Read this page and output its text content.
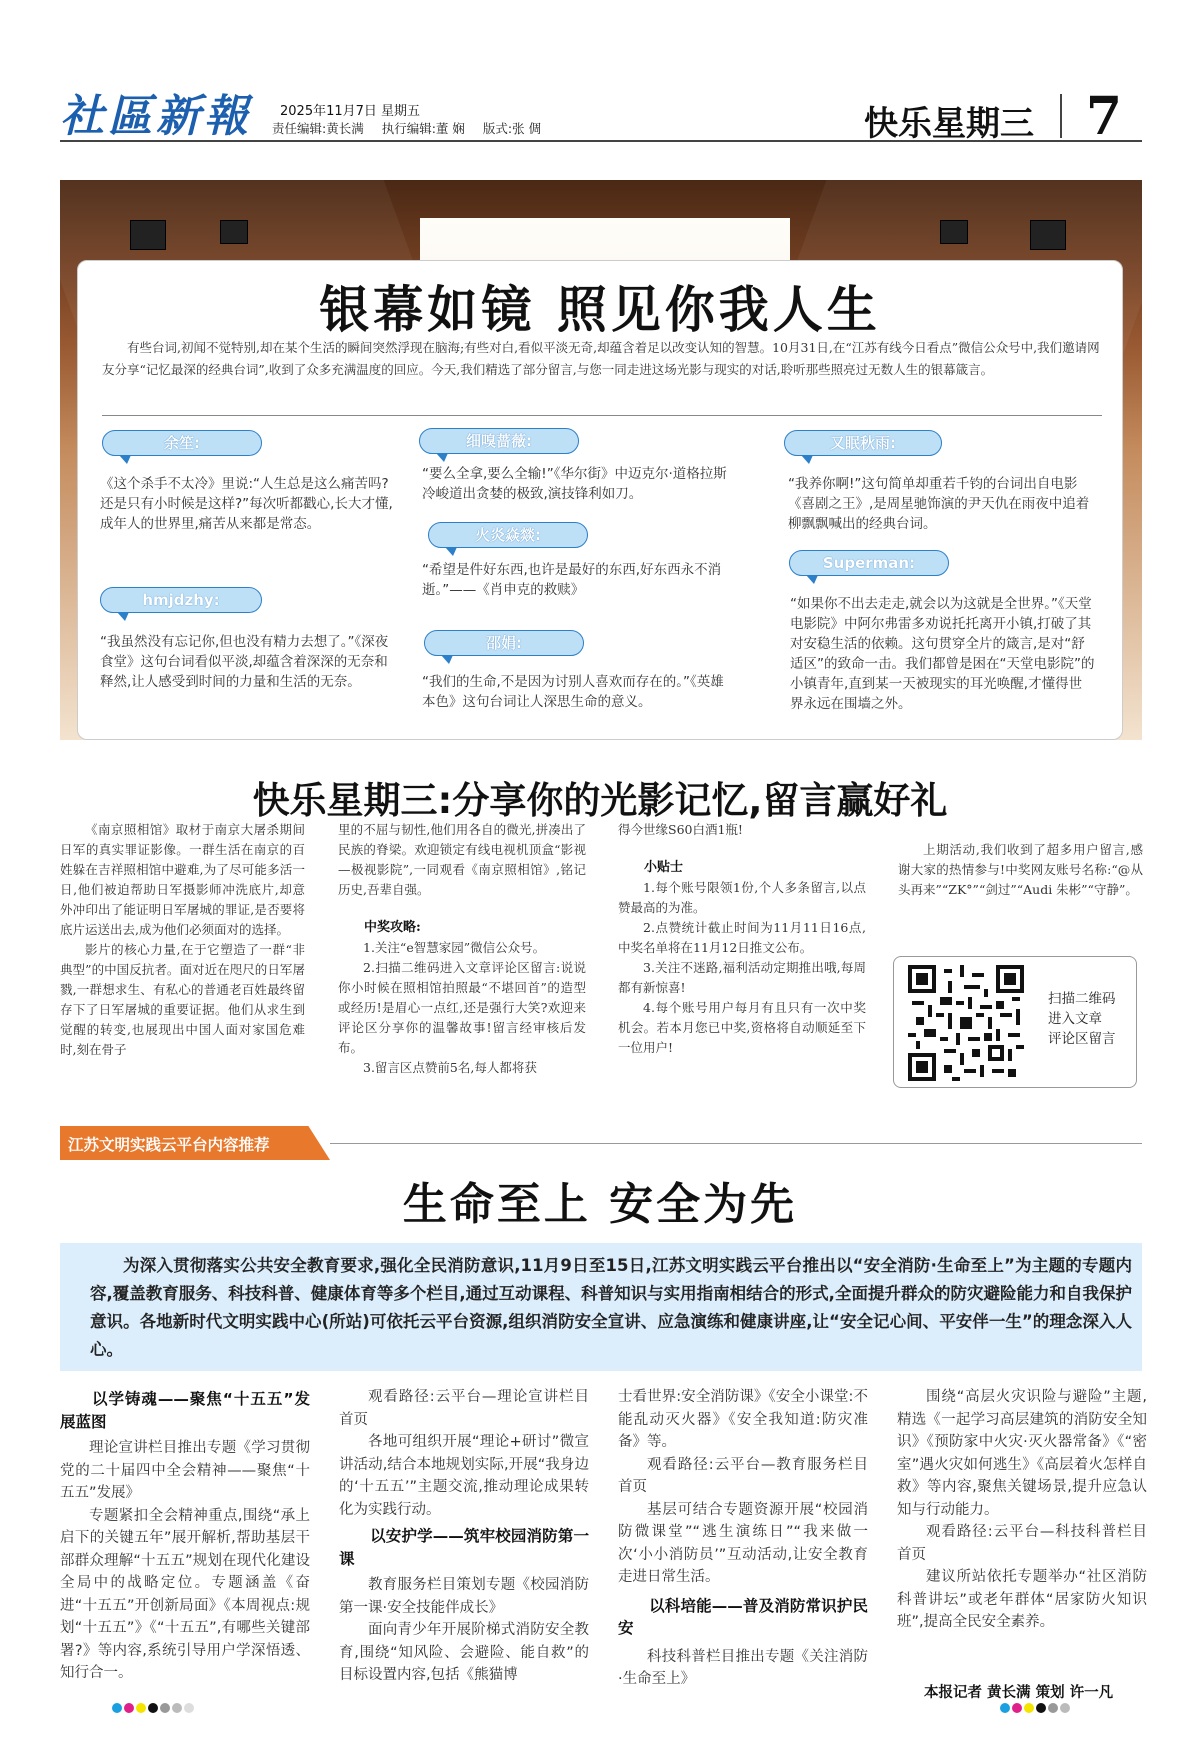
社區新報 2025年11月7日 星期五
责任编辑:黄长满 执行编辑:董 娴 版式:张 倜	快乐星期三 7
银幕如镜 照见你我人生
有些台词,初闻不觉特别,却在某个生活的瞬间突然浮现在脑海;有些对白,看似平淡无奇,却蕴含着足以改变认知的智慧。10月31日,在“江苏有线今日看点”微信公众号中,我们邀请网友分享“记忆最深的经典台词”,收到了众多充满温度的回应。今天,我们精选了部分留言,与您一同走进这场光影与现实的对话,聆听那些照亮过无数人生的银幕箴言。
余笙:
《这个杀手不太冷》里说:“人生总是这么痛苦吗?还是只有小时候是这样?”每次听都戳心,长大才懂,成年人的世界里,痛苦从来都是常态。
hmjdzhy:
“我虽然没有忘记你,但也没有精力去想了。”《深夜食堂》这句台词看似平淡,却蕴含着深深的无奈和释然,让人感受到时间的力量和生活的无奈。
细嗅蔷薇:
“要么全拿,要么全输!”《华尔街》中迈克尔·道格拉斯冷峻道出贪婪的极致,演技锋利如刀。
火炎焱燚:
“希望是件好东西,也许是最好的东西,好东西永不消逝。”——《肖申克的救赎》
邵娟:
“我们的生命,不是因为讨别人喜欢而存在的。”《英雄本色》这句台词让人深思生命的意义。
又眠秋雨:
“我养你啊!”这句简单却重若千钧的台词出自电影《喜剧之王》,是周星驰饰演的尹天仇在雨夜中追着柳飘飘喊出的经典台词。
Superman:
“如果你不出去走走,就会以为这就是全世界。”《天堂电影院》中阿尔弗雷多劝说托托离开小镇,打破了其对安稳生活的依赖。这句贯穿全片的箴言,是对“舒适区”的致命一击。我们都曾是困在“天堂电影院”的小镇青年,直到某一天被现实的耳光唤醒,才懂得世界永远在围墙之外。
快乐星期三:分享你的光影记忆,留言赢好礼

《南京照相馆》取材于南京大屠杀期间日军的真实罪证影像。一群生活在南京的百姓躲在吉祥照相馆中避难,为了尽可能多活一日,他们被迫帮助日军摄影师冲洗底片,却意外冲印出了能证明日军屠城的罪证,是否要将底片运送出去,成为他们必须面对的选择。

影片的核心力量,在于它塑造了一群“非典型”的中国反抗者。面对近在咫尺的日军屠戮,一群想求生、有私心的普通老百姓最终留存下了日军屠城的重要证据。他们从求生到觉醒的转变,也展现出中国人面对家国危难时,刻在骨子

里的不屈与韧性,他们用各自的微光,拼凑出了民族的脊梁。欢迎锁定有线电视机顶盒“影视—极视影院”,一同观看《南京照相馆》,铭记历史,吾辈自强。

中奖攻略:

1.关注“e智慧家园”微信公众号。

2.扫描二维码进入文章评论区留言:说说你小时候在照相馆拍照最“不堪回首”的造型或经历!是眉心一点红,还是强行大笑?欢迎来评论区分享你的温馨故事!留言经审核后发布。

3.留言区点赞前5名,每人都将获

得今世缘S60白酒1瓶!

小贴士

1.每个账号限领1份,个人多条留言,以点赞最高的为准。

2.点赞统计截止时间为11月11日16点,中奖名单将在11月12日推文公布。

3.关注不迷路,福利活动定期推出哦,每周都有新惊喜!

4.每个账号用户每月有且只有一次中奖机会。若本月您已中奖,资格将自动顺延至下一位用户!

上期活动,我们收到了超多用户留言,感谢大家的热情参与!中奖网友账号名称:“@从头再来”“ZK°”“剑过”“Audi 朱彬”“守静”。

扫描二维码
进入文章
评论区留言
江苏文明实践云平台内容推荐
生命至上 安全为先
为深入贯彻落实公共安全教育要求,强化全民消防意识,11月9日至15日,江苏文明实践云平台推出以“安全消防·生命至上”为主题的专题内容,覆盖教育服务、科技科普、健康体育等多个栏目,通过互动课程、科普知识与实用指南相结合的形式,全面提升群众的防灾避险能力和自我保护意识。各地新时代文明实践中心(所站)可依托云平台资源,组织消防安全宣讲、应急演练和健康讲座,让“安全记心间、平安伴一生”的理念深入人心。
以学铸魂——聚焦“十五五”发展蓝图

理论宣讲栏目推出专题《学习贯彻党的二十届四中全会精神——聚焦“十五五”发展》

专题紧扣全会精神重点,围绕“承上启下的关键五年”展开解析,帮助基层干部群众理解“十五五”规划在现代化建设全局中的战略定位。专题涵盖《奋进“十五五”开创新局面》《本周视点:规划“十五五”》《“十五五”,有哪些关键部署?》等内容,系统引导用户学深悟透、知行合一。

观看路径:云平台—理论宣讲栏目首页

各地可组织开展“理论+研讨”微宣讲活动,结合本地规划实际,开展“我身边的‘十五五’”主题交流,推动理论成果转化为实践行动。

以安护学——筑牢校园消防第一课

教育服务栏目策划专题《校园消防第一课·安全技能伴成长》

面向青少年开展阶梯式消防安全教育,围绕“知风险、会避险、能自救”的目标设置内容,包括《熊猫博

士看世界:安全消防课》《安全小课堂:不能乱动灭火器》《安全我知道:防灾准备》等。

观看路径:云平台—教育服务栏目首页

基层可结合专题资源开展“校园消防微课堂”“逃生演练日”“我来做一次‘小小消防员’”互动活动,让安全教育走进日常生活。

以科培能——普及消防常识护民安

科技科普栏目推出专题《关注消防·生命至上》

围绕“高层火灾识险与避险”主题,精选《一起学习高层建筑的消防安全知识》《预防家中火灾·灭火器常备》《“密室”遇火灾如何逃生》《高层着火怎样自救》等内容,聚焦关键场景,提升应急认知与行动能力。

观看路径:云平台—科技科普栏目首页

建议所站依托专题举办“社区消防科普讲坛”或老年群体“居家防火知识班”,提高全民安全素养。

本报记者 黄长满 策划 许一凡
